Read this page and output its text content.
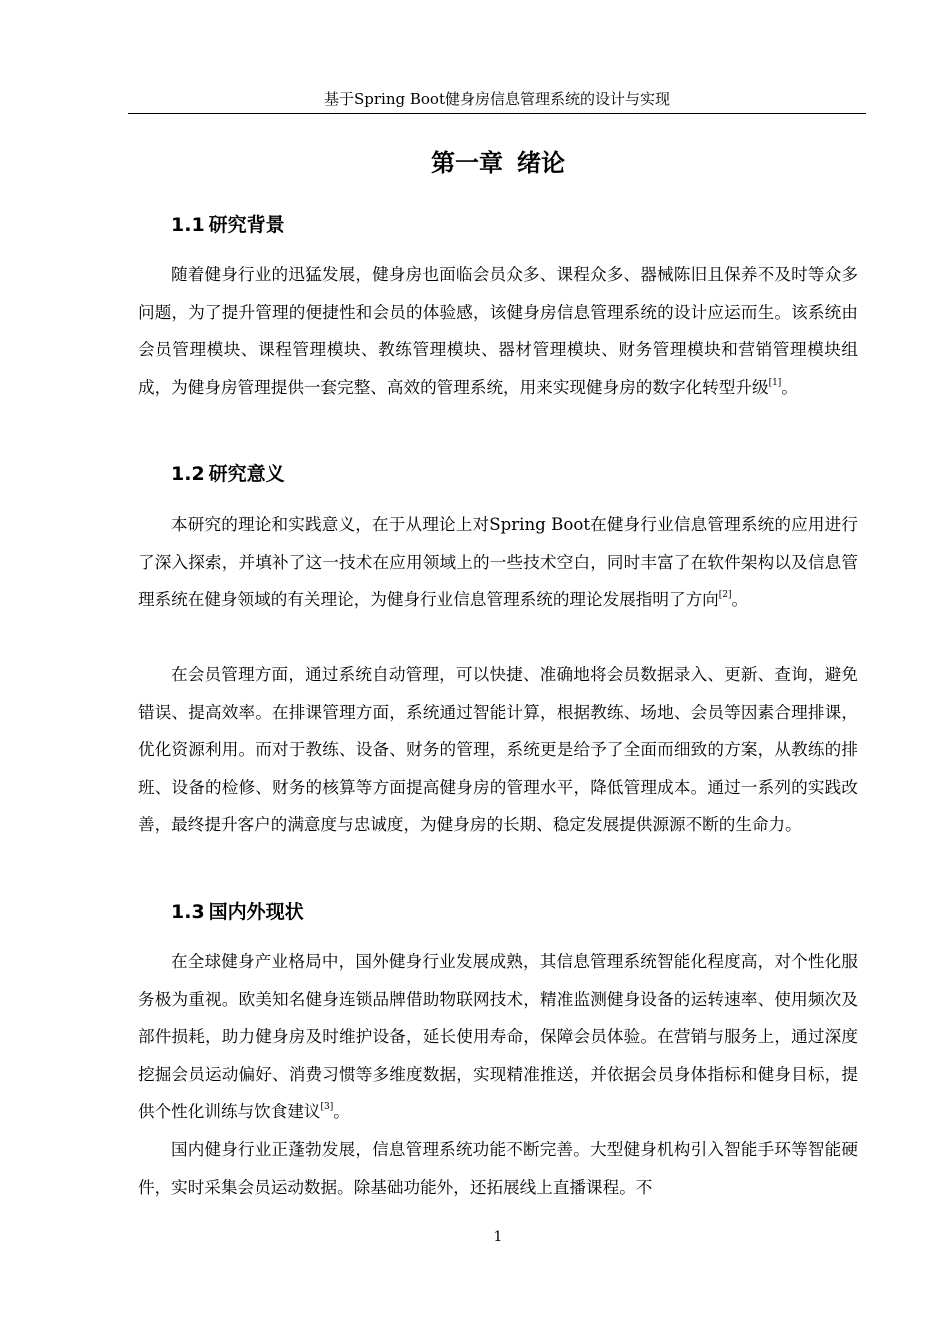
基于Spring Boot健身房信息管理系统的设计与实现
第一章 绪论
1.1 研究背景

随着健身行业的迅猛发展，健身房也面临会员众多、课程众多、器械陈旧且保养不及时等众多问题，为了提升管理的便捷性和会员的体验感，该健身房信息管理系统的设计应运而生。该系统由会员管理模块、课程管理模块、教练管理模块、器材管理模块、财务管理模块和营销管理模块组成，为健身房管理提供一套完整、高效的管理系统，用来实现健身房的数字化转型升级[1]。

1.2 研究意义

本研究的理论和实践意义，在于从理论上对Spring Boot在健身行业信息管理系统的应用进行了深入探索，并填补了这一技术在应用领域上的一些技术空白，同时丰富了在软件架构以及信息管理系统在健身领域的有关理论，为健身行业信息管理系统的理论发展指明了方向[2]。

在会员管理方面，通过系统自动管理，可以快捷、准确地将会员数据录入、更新、查询，避免错误、提高效率。在排课管理方面，系统通过智能计算，根据教练、场地、会员等因素合理排课，优化资源利用。而对于教练、设备、财务的管理，系统更是给予了全面而细致的方案，从教练的排班、设备的检修、财务的核算等方面提高健身房的管理水平，降低管理成本。通过一系列的实践改善，最终提升客户的满意度与忠诚度，为健身房的长期、稳定发展提供源源不断的生命力。

1.3 国内外现状

在全球健身产业格局中，国外健身行业发展成熟，其信息管理系统智能化程度高，对个性化服务极为重视。欧美知名健身连锁品牌借助物联网技术，精准监测健身设备的运转速率、使用频次及部件损耗，助力健身房及时维护设备，延长使用寿命，保障会员体验。在营销与服务上，通过深度挖掘会员运动偏好、消费习惯等多维度数据，实现精准推送，并依据会员身体指标和健身目标，提供个性化训练与饮食建议[3]。

国内健身行业正蓬勃发展，信息管理系统功能不断完善。大型健身机构引入智能手环等智能硬件，实时采集会员运动数据。除基础功能外，还拓展线上直播课程。不

1
